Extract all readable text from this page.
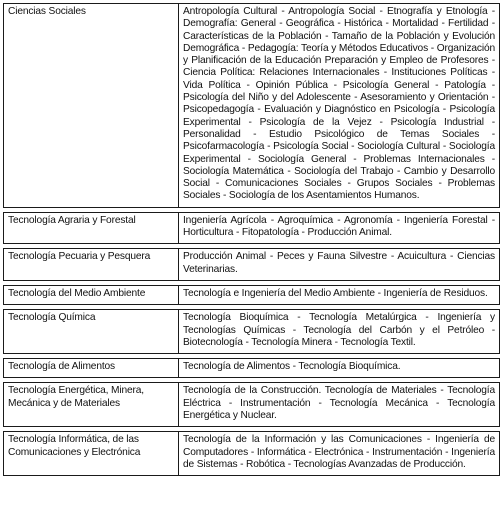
Ciencias Sociales	Antropología Cultural - Antropología Social - Etnografía y Etnología - Demografía: General - Geográfica - Histórica - Mortalidad - Fertilidad - Características de la Población - Tamaño de la Población y Evolución Demográfica - Pedagogía: Teoría y Métodos Educativos - Organización y Planificación de la Educación Preparación y Empleo de Profesores - Ciencia Política: Relaciones Internacionales - Instituciones Políticas - Vida Política - Opinión Pública - Psicología General - Patología - Psicología del Niño y del Adolescente - Asesoramiento y Orientación - Psicopedagogía - Evaluación y Diagnóstico en Psicología - Psicología Experimental - Psicología de la Vejez - Psicología Industrial - Personalidad - Estudio Psicológico de Temas Sociales - Psicofarmacología - Psicología Social - Sociología Cultural - Sociología Experimental - Sociología General - Problemas Internacionales - Sociología Matemática - Sociología del Trabajo - Cambio y Desarrollo Social - Comunicaciones Sociales - Grupos Sociales - Problemas Sociales - Sociología de los Asentamientos Humanos.

Tecnología Agraria y Forestal	Ingeniería Agrícola - Agroquímica - Agronomía - Ingeniería Forestal - Horticultura - Fitopatología - Producción Animal.

Tecnología Pecuaria y Pesquera	Producción Animal - Peces y Fauna Silvestre - Acuicultura - Ciencias Veterinarias.

Tecnología del Medio Ambiente	Tecnología e Ingeniería del Medio Ambiente - Ingeniería de Residuos.

Tecnología Química	Tecnología Bioquímica - Tecnología Metalúrgica - Ingeniería y Tecnologías Químicas - Tecnología del Carbón y el Petróleo - Biotecnología - Tecnología Minera - Tecnología Textil.

Tecnología de Alimentos	Tecnología de Alimentos - Tecnología Bioquímica.

Tecnología Energética, Minera, Mecánica y de Materiales	Tecnología de la Construcción. Tecnología de Materiales - Tecnología Eléctrica - Instrumentación - Tecnología Mecánica - Tecnología Energética y Nuclear.

Tecnología Informática, de las Comunicaciones y Electrónica	Tecnología de la Información y las Comunicaciones - Ingeniería de Computadores - Informática - Electrónica - Instrumentación - Ingeniería de Sistemas - Robótica - Tecnologías Avanzadas de Producción.
